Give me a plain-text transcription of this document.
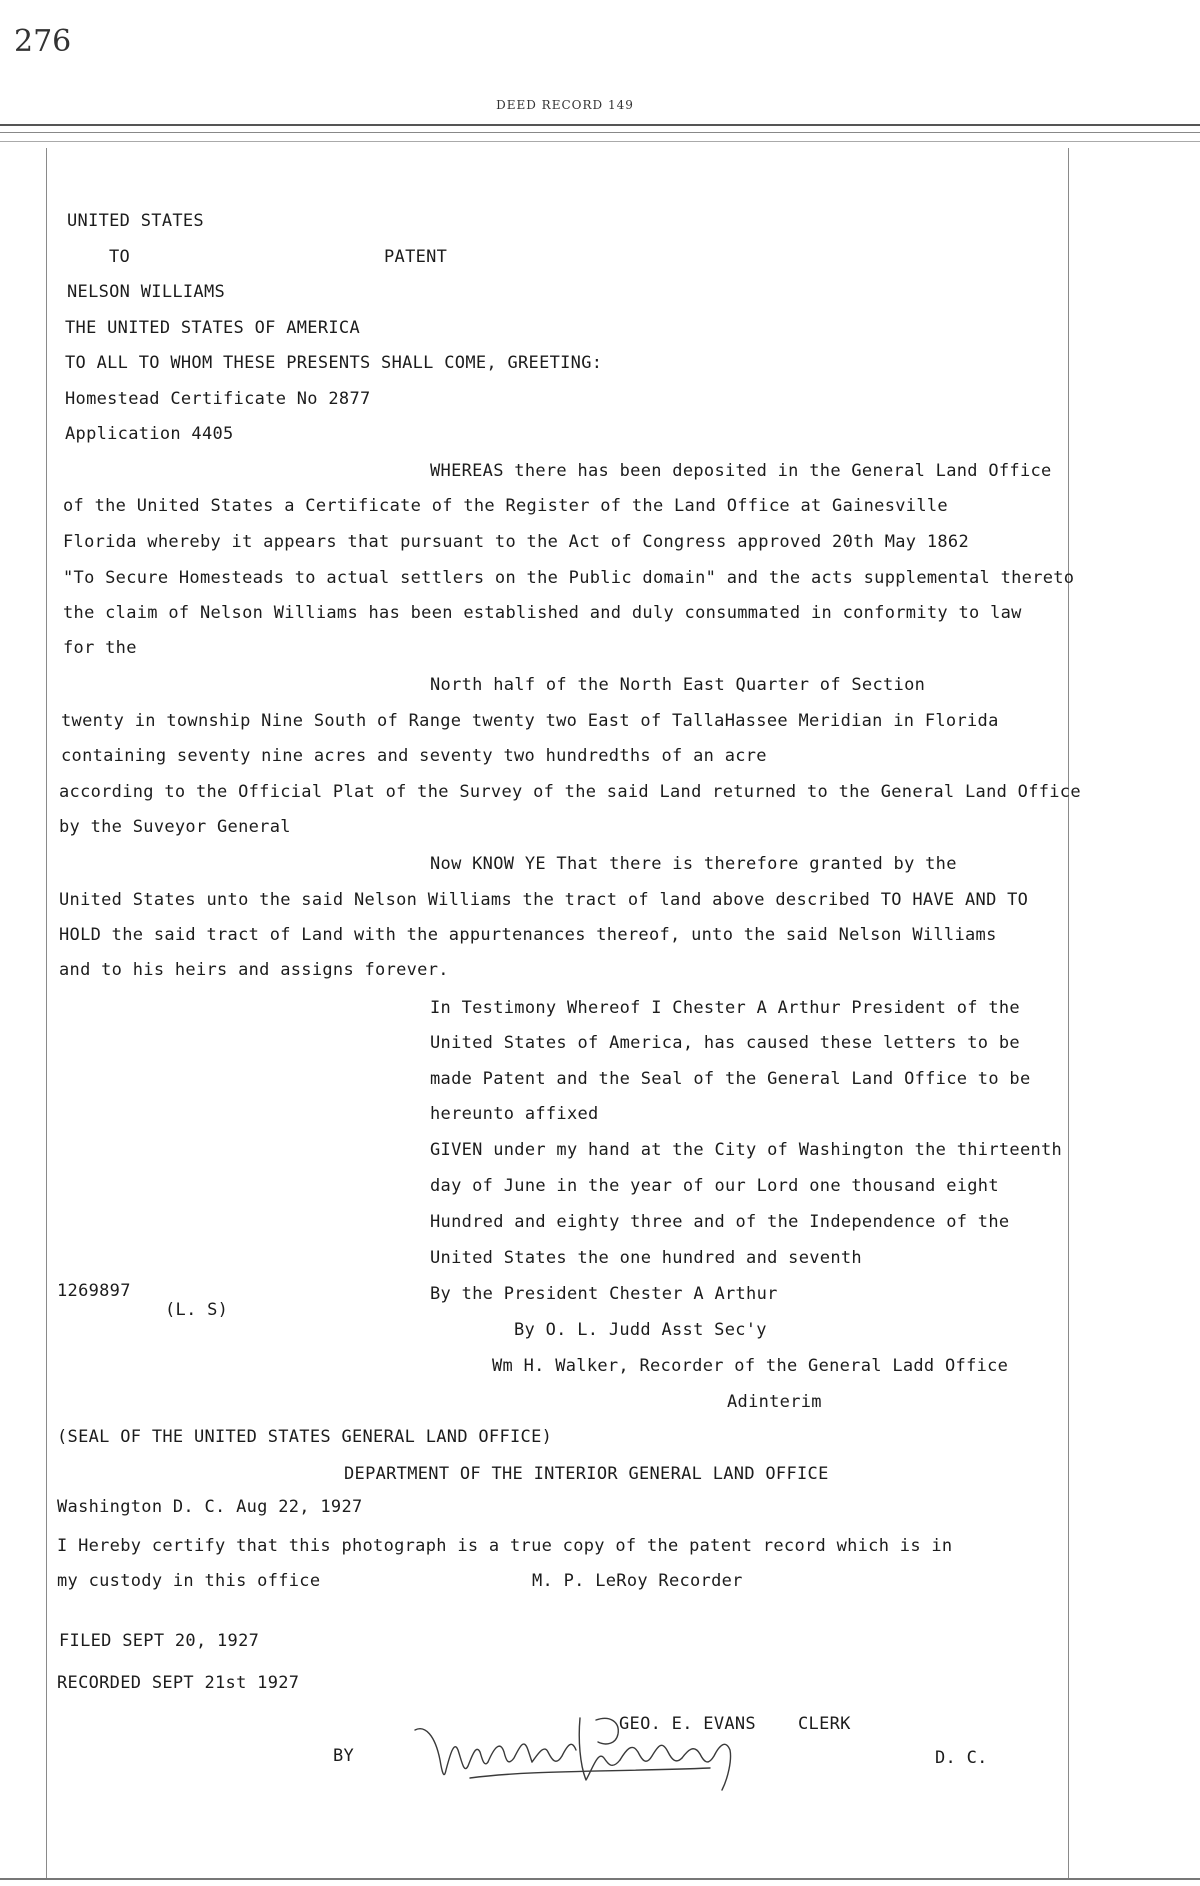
276
DEED RECORD 149
UNITED STATES
TO	PATENT
NELSON WILLIAMS
THE UNITED STATES OF AMERICA
TO ALL TO WHOM THESE PRESENTS SHALL COME, GREETING:
Homestead Certificate No 2877
Application 4405
WHEREAS there has been deposited in the General Land Office
of the United States a Certificate of the Register of the Land Office at Gainesville
Florida whereby it appears that pursuant to the Act of Congress approved 20th May 1862
"To Secure Homesteads to actual settlers on the Public domain" and the acts supplemental thereto
the claim of Nelson Williams has been established and duly consummated in conformity to law
for the
North half of the North East Quarter of Section
twenty in township Nine South of Range twenty two East of TallaHassee Meridian in Florida
containing seventy nine acres and seventy two hundredths of an acre
according to the Official Plat of the Survey of the said Land returned to the General Land Office
by the Suveyor General
Now KNOW YE That there is therefore granted by the
United States unto the said Nelson Williams the tract of land above described TO HAVE AND TO
HOLD the said tract of Land with the appurtenances thereof, unto the said Nelson Williams
and to his heirs and assigns forever.
In Testimony Whereof I Chester A Arthur President of the
United States of America, has caused these letters to be
made Patent and the Seal of the General Land Office to be
hereunto affixed
GIVEN under my hand at the City of Washington the thirteenth
day of June in the year of our Lord one thousand eight
Hundred and eighty three and of the Independence of the
United States the one hundred and seventh
1269897
(L. S)
By the President Chester A Arthur
By O. L. Judd Asst Sec'y
Wm H. Walker, Recorder of the General Ladd Office
Adinterim
(SEAL OF THE UNITED STATES GENERAL LAND OFFICE)
DEPARTMENT OF THE INTERIOR GENERAL LAND OFFICE
Washington D. C. Aug 22, 1927
I Hereby certify that this photograph is a true copy of the patent record which is in
my custody in this office	M. P. LeRoy Recorder
FILED SEPT 20, 1927
RECORDED SEPT 21st 1927
GEO. E. EVANS CLERK
BY	D. C.
